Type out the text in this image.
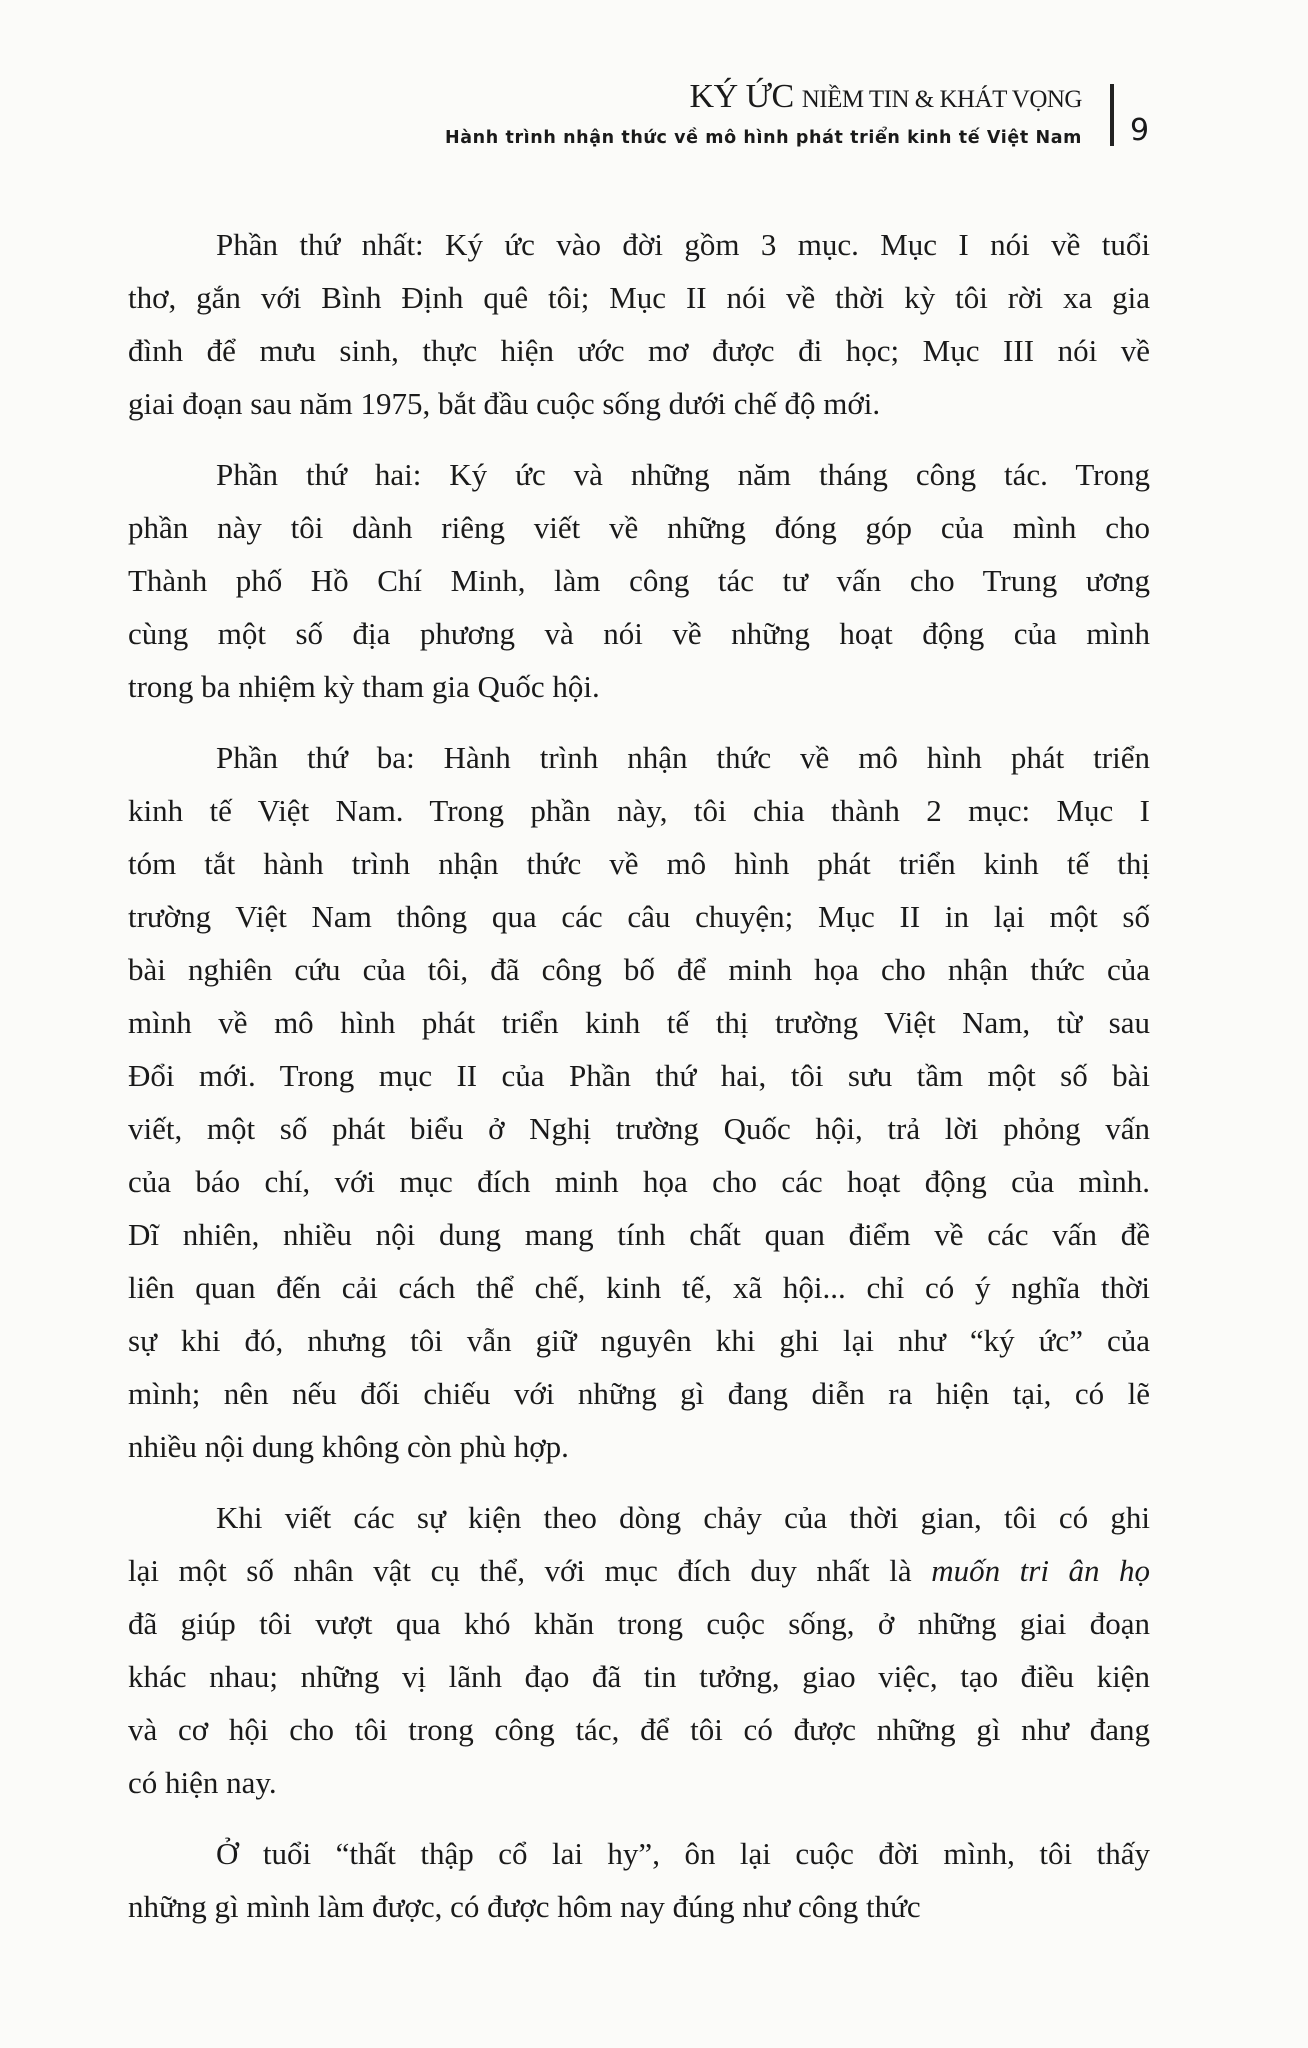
KÝ ỨC NIỀM TIN & KHÁT VỌNG
Hành trình nhận thức về mô hình phát triển kinh tế Việt Nam 9
Phần thứ nhất: Ký ức vào đời gồm 3 mục. Mục I nói về tuổi
thơ, gắn với Bình Định quê tôi; Mục II nói về thời kỳ tôi rời xa gia
đình để mưu sinh, thực hiện ước mơ được đi học; Mục III nói về
giai đoạn sau năm 1975, bắt đầu cuộc sống dưới chế độ mới.
Phần thứ hai: Ký ức và những năm tháng công tác. Trong
phần này tôi dành riêng viết về những đóng góp của mình cho
Thành phố Hồ Chí Minh, làm công tác tư vấn cho Trung ương
cùng một số địa phương và nói về những hoạt động của mình
trong ba nhiệm kỳ tham gia Quốc hội.
Phần thứ ba: Hành trình nhận thức về mô hình phát triển
kinh tế Việt Nam. Trong phần này, tôi chia thành 2 mục: Mục I
tóm tắt hành trình nhận thức về mô hình phát triển kinh tế thị
trường Việt Nam thông qua các câu chuyện; Mục II in lại một số
bài nghiên cứu của tôi, đã công bố để minh họa cho nhận thức của
mình về mô hình phát triển kinh tế thị trường Việt Nam, từ sau
Đổi mới. Trong mục II của Phần thứ hai, tôi sưu tầm một số bài
viết, một số phát biểu ở Nghị trường Quốc hội, trả lời phỏng vấn
của báo chí, với mục đích minh họa cho các hoạt động của mình.
Dĩ nhiên, nhiều nội dung mang tính chất quan điểm về các vấn đề
liên quan đến cải cách thể chế, kinh tế, xã hội... chỉ có ý nghĩa thời
sự khi đó, nhưng tôi vẫn giữ nguyên khi ghi lại như “ký ức” của
mình; nên nếu đối chiếu với những gì đang diễn ra hiện tại, có lẽ
nhiều nội dung không còn phù hợp.
Khi viết các sự kiện theo dòng chảy của thời gian, tôi có ghi
lại một số nhân vật cụ thể, với mục đích duy nhất là muốn tri ân họ
đã giúp tôi vượt qua khó khăn trong cuộc sống, ở những giai đoạn
khác nhau; những vị lãnh đạo đã tin tưởng, giao việc, tạo điều kiện
và cơ hội cho tôi trong công tác, để tôi có được những gì như đang
có hiện nay.
Ở tuổi “thất thập cổ lai hy”, ôn lại cuộc đời mình, tôi thấy
những gì mình làm được, có được hôm nay đúng như công thức
